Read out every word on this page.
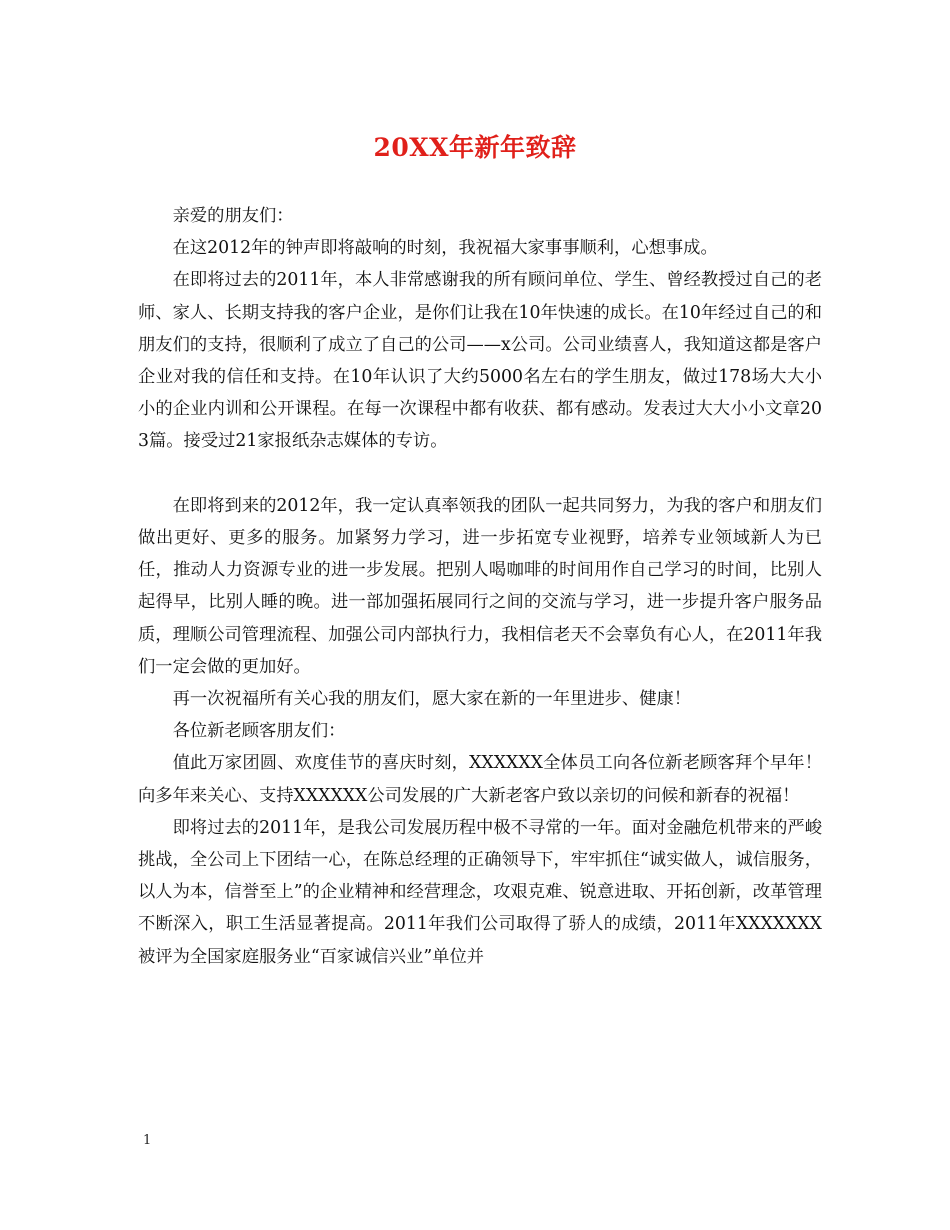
20XX年新年致辞

亲爱的朋友们：

在这2012年的钟声即将敲响的时刻，我祝福大家事事顺利，心想事成。

在即将过去的2011年，本人非常感谢我的所有顾问单位、学生、曾经教授过自己的老师、家人、长期支持我的客户企业，是你们让我在10年快速的成长。在10年经过自己的和朋友们的支持，很顺利了成立了自己的公司——x公司。公司业绩喜人，我知道这都是客户企业对我的信任和支持。在10年认识了大约5000名左右的学生朋友，做过178场大大小小的企业内训和公开课程。在每一次课程中都有收获、都有感动。发表过大大小小文章203篇。接受过21家报纸杂志媒体的专访。

在即将到来的2012年，我一定认真率领我的团队一起共同努力，为我的客户和朋友们做出更好、更多的服务。加紧努力学习，进一步拓宽专业视野，培养专业领域新人为已任，推动人力资源专业的进一步发展。把别人喝咖啡的时间用作自己学习的时间，比别人起得早，比别人睡的晚。进一部加强拓展同行之间的交流与学习，进一步提升客户服务品质，理顺公司管理流程、加强公司内部执行力，我相信老天不会辜负有心人，在2011年我们一定会做的更加好。

再一次祝福所有关心我的朋友们，愿大家在新的一年里进步、健康！

各位新老顾客朋友们：

值此万家团圆、欢度佳节的喜庆时刻，XXXXXX全体员工向各位新老顾客拜个早年！向多年来关心、支持XXXXXX公司发展的广大新老客户致以亲切的问候和新春的祝福！

即将过去的2011年，是我公司发展历程中极不寻常的一年。面对金融危机带来的严峻挑战，全公司上下团结一心，在陈总经理的正确领导下，牢牢抓住“诚实做人，诚信服务，以人为本，信誉至上”的企业精神和经营理念，攻艰克难、锐意进取、开拓创新，改革管理不断深入，职工生活显著提高。2011年我们公司取得了骄人的成绩，2011年XXXXXXX被评为全国家庭服务业“百家诚信兴业”单位并

1
